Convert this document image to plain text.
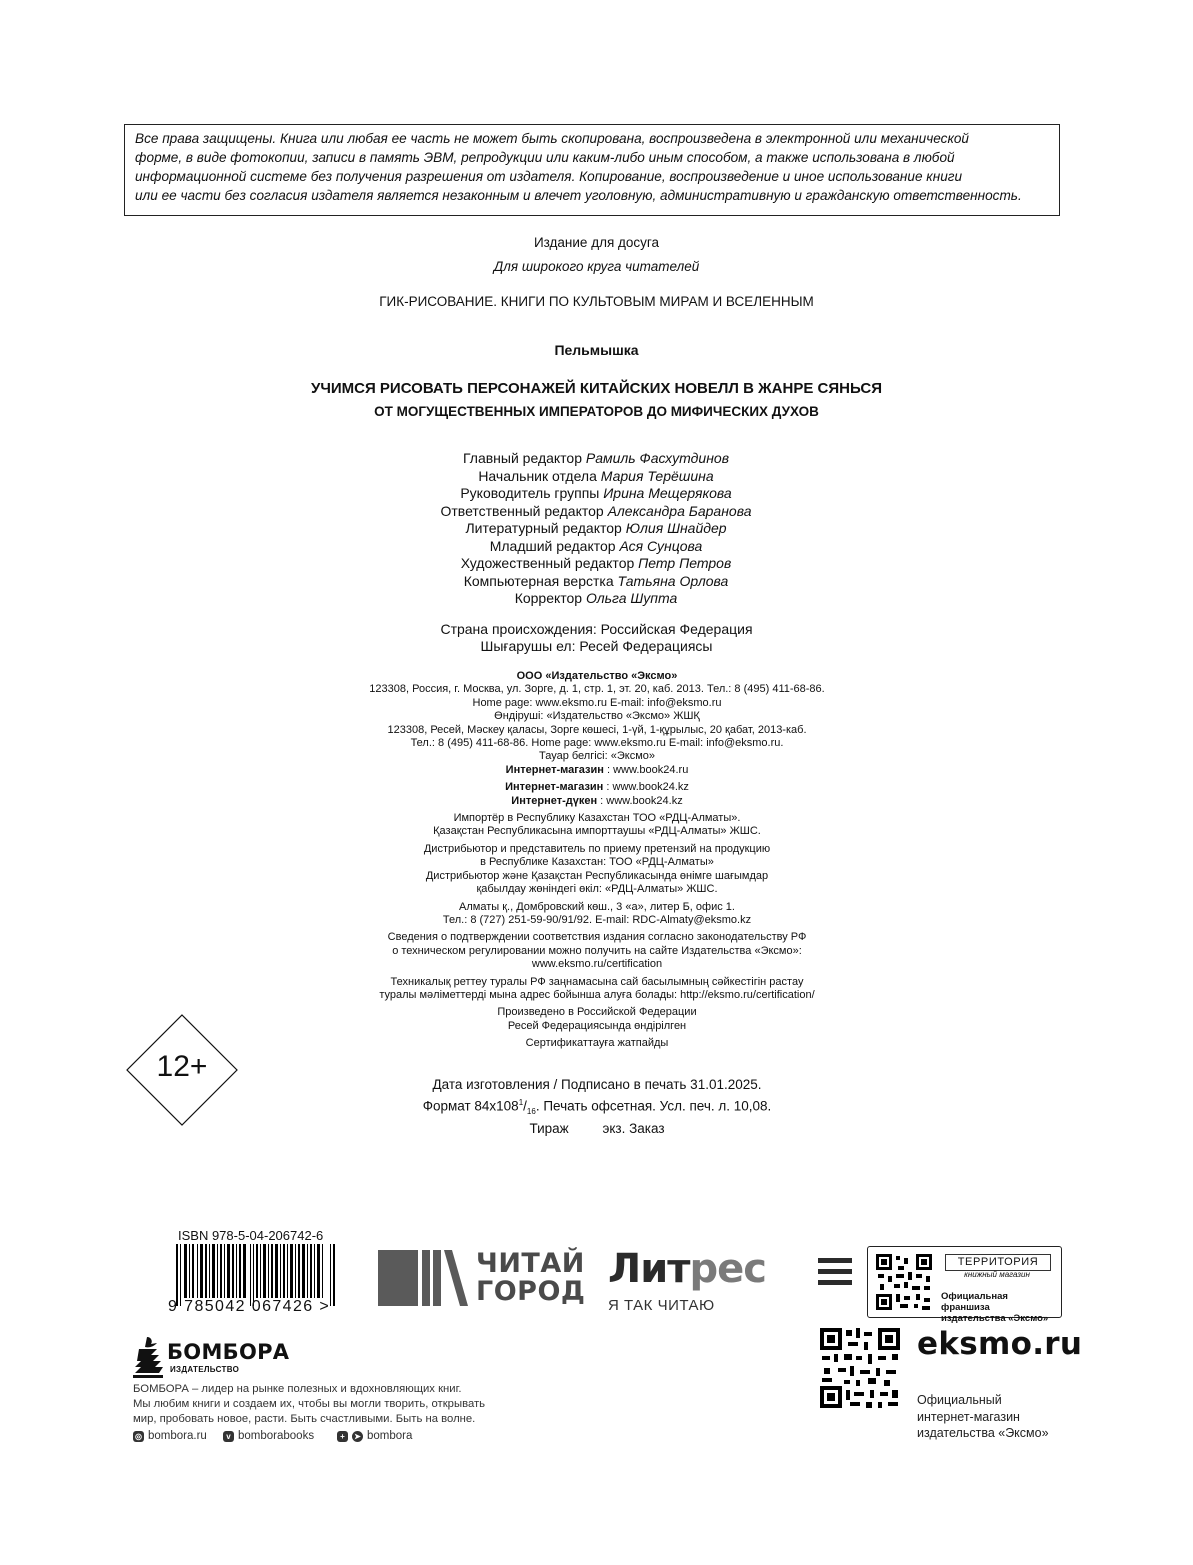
Все права защищены. Книга или любая ее часть не может быть скопирована, воспроизведена в электронной или механической

форме, в виде фотокопии, записи в память ЭВМ, репродукции или каким-либо иным способом, а также использована в любой

информационной системе без получения разрешения от издателя. Копирование, воспроизведение и иное использование книги

или ее части без согласия издателя является незаконным и влечет уголовную, административную и гражданскую ответственность.

Издание для досуга
Для широкого круга читателей
ГИК-РИСОВАНИЕ. КНИГИ ПО КУЛЬТОВЫМ МИРАМ И ВСЕЛЕННЫМ
Пельмышка
УЧИМСЯ РИСОВАТЬ ПЕРСОНАЖЕЙ КИТАЙСКИХ НОВЕЛЛ В ЖАНРЕ СЯНЬСЯ
ОТ МОГУЩЕСТВЕННЫХ ИМПЕРАТОРОВ ДО МИФИЧЕСКИХ ДУХОВ
Главный редактор Рамиль Фасхутдинов
Начальник отдела Мария Терёшина
Руководитель группы Ирина Мещерякова
Ответственный редактор Александра Баранова
Литературный редактор Юлия Шнайдер
Младший редактор Ася Сунцова
Художественный редактор Петр Петров
Компьютерная верстка Татьяна Орлова
Корректор Ольга Шупта
Страна происхождения: Российская Федерация
Шығарушы ел: Ресей Федерациясы
ООО «Издательство «Эксмо»
123308, Россия, г. Москва, ул. Зорге, д. 1, стр. 1, эт. 20, каб. 2013. Тел.: 8 (495) 411-68-86.
Home page: www.eksmo.ru E-mail: info@eksmo.ru
Өндіруші: «Издательство «Эксмо» ЖШҚ
123308, Ресей, Мәскеу қаласы, Зорге көшесі, 1-үй, 1-құрылыс, 20 қабат, 2013-каб.
Тел.: 8 (495) 411-68-86. Home page: www.eksmo.ru E-mail: info@eksmo.ru.
Тауар белгісі: «Эксмо»
Интернет-магазин : www.book24.ru
Интернет-магазин : www.book24.kz
Интернет-дүкен : www.book24.kz
Импортёр в Республику Казахстан ТОО «РДЦ-Алматы».
Қазақстан Республикасына импорттаушы «РДЦ-Алматы» ЖШС.
Дистрибьютор и представитель по приему претензий на продукцию
в Республике Казахстан: ТОО «РДЦ-Алматы»
Дистрибьютор және Қазақстан Республикасында өнімге шағымдар
қабылдау жөніндегі өкіл: «РДЦ-Алматы» ЖШС.
Алматы қ., Домбровский көш., 3 «а», литер Б, офис 1.
Тел.: 8 (727) 251-59-90/91/92. E-mail: RDC-Almaty@eksmo.kz
Сведения о подтверждении соответствия издания согласно законодательству РФ
о техническом регулировании можно получить на сайте Издательства «Эксмо»:
www.eksmo.ru/certification
Техникалық реттеу туралы РФ заңнамасына сай басылымның сәйкестігін растау
туралы мәліметтерді мына адрес бойынша алуға болады: http://eksmo.ru/certification/
Произведено в Российской Федерации
Ресей Федерациясында өндірілген
Сертификаттауға жатпайды
Дата изготовления / Подписано в печать 31.01.2025.
Формат $84x108^1/_{16}$. Печать офсетная. Усл. печ. л. 10,08.
Тираж         экз. Заказ
12+
ISBN 978-5-04-206742-6
9 785042 067426 >
ЧИТАЙ
ГОРОД Литрес
Я ТАК ЧИТАЮ
ТЕРРИТОРИЯ
книжный магазин
Официальная франшиза издательства «Эксмо»
БОМБОРА
ИЗДАТЕЛЬСТВО
БОМБОРА – лидер на рынке полезных и вдохновляющих книг.
Мы любим книги и создаем их, чтобы вы могли творить, открывать
мир, пробовать новое, расти. Быть счастливыми. Быть на волне.
◎ bombora.ru	v bomborabooks	+	➤ bombora
eksmo.ru
Официальный
интернет-магазин
издательства «Эксмо»
